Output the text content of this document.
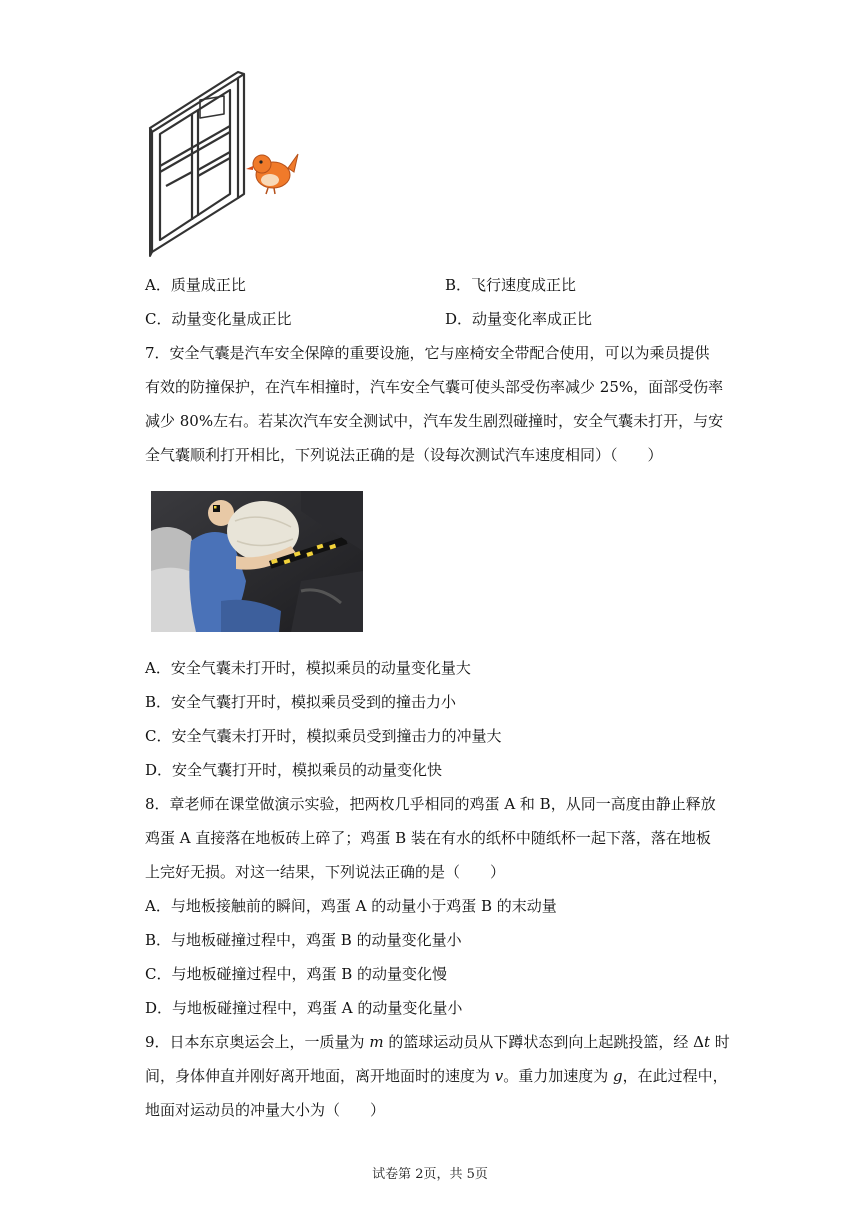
A．质量成正比	B．飞行速度成正比
C．动量变化量成正比	D．动量变化率成正比
7．安全气囊是汽车安全保障的重要设施，它与座椅安全带配合使用，可以为乘员提供
有效的防撞保护，在汽车相撞时，汽车安全气囊可使头部受伤率减少 25%，面部受伤率
减少 80%左右。若某次汽车安全测试中，汽车发生剧烈碰撞时，安全气囊未打开，与安
全气囊顺利打开相比，下列说法正确的是（设每次测试汽车速度相同）（　　）
A．安全气囊未打开时，模拟乘员的动量变化量大
B．安全气囊打开时，模拟乘员受到的撞击力小
C．安全气囊未打开时，模拟乘员受到撞击力的冲量大
D．安全气囊打开时，模拟乘员的动量变化快
8．章老师在课堂做演示实验，把两枚几乎相同的鸡蛋 A 和 B，从同一高度由静止释放
鸡蛋 A 直接落在地板砖上碎了；鸡蛋 B 装在有水的纸杯中随纸杯一起下落，落在地板
上完好无损。对这一结果，下列说法正确的是（　　）
A．与地板接触前的瞬间，鸡蛋 A 的动量小于鸡蛋 B 的末动量
B．与地板碰撞过程中，鸡蛋 B 的动量变化量小
C．与地板碰撞过程中，鸡蛋 B 的动量变化慢
D．与地板碰撞过程中，鸡蛋 A 的动量变化量小
9．日本东京奥运会上，一质量为 m 的篮球运动员从下蹲状态到向上起跳投篮，经 Δt 时
间，身体伸直并刚好离开地面，离开地面时的速度为 v。重力加速度为 g，在此过程中，
地面对运动员的冲量大小为（　　）
试卷第 2页，共 5页
